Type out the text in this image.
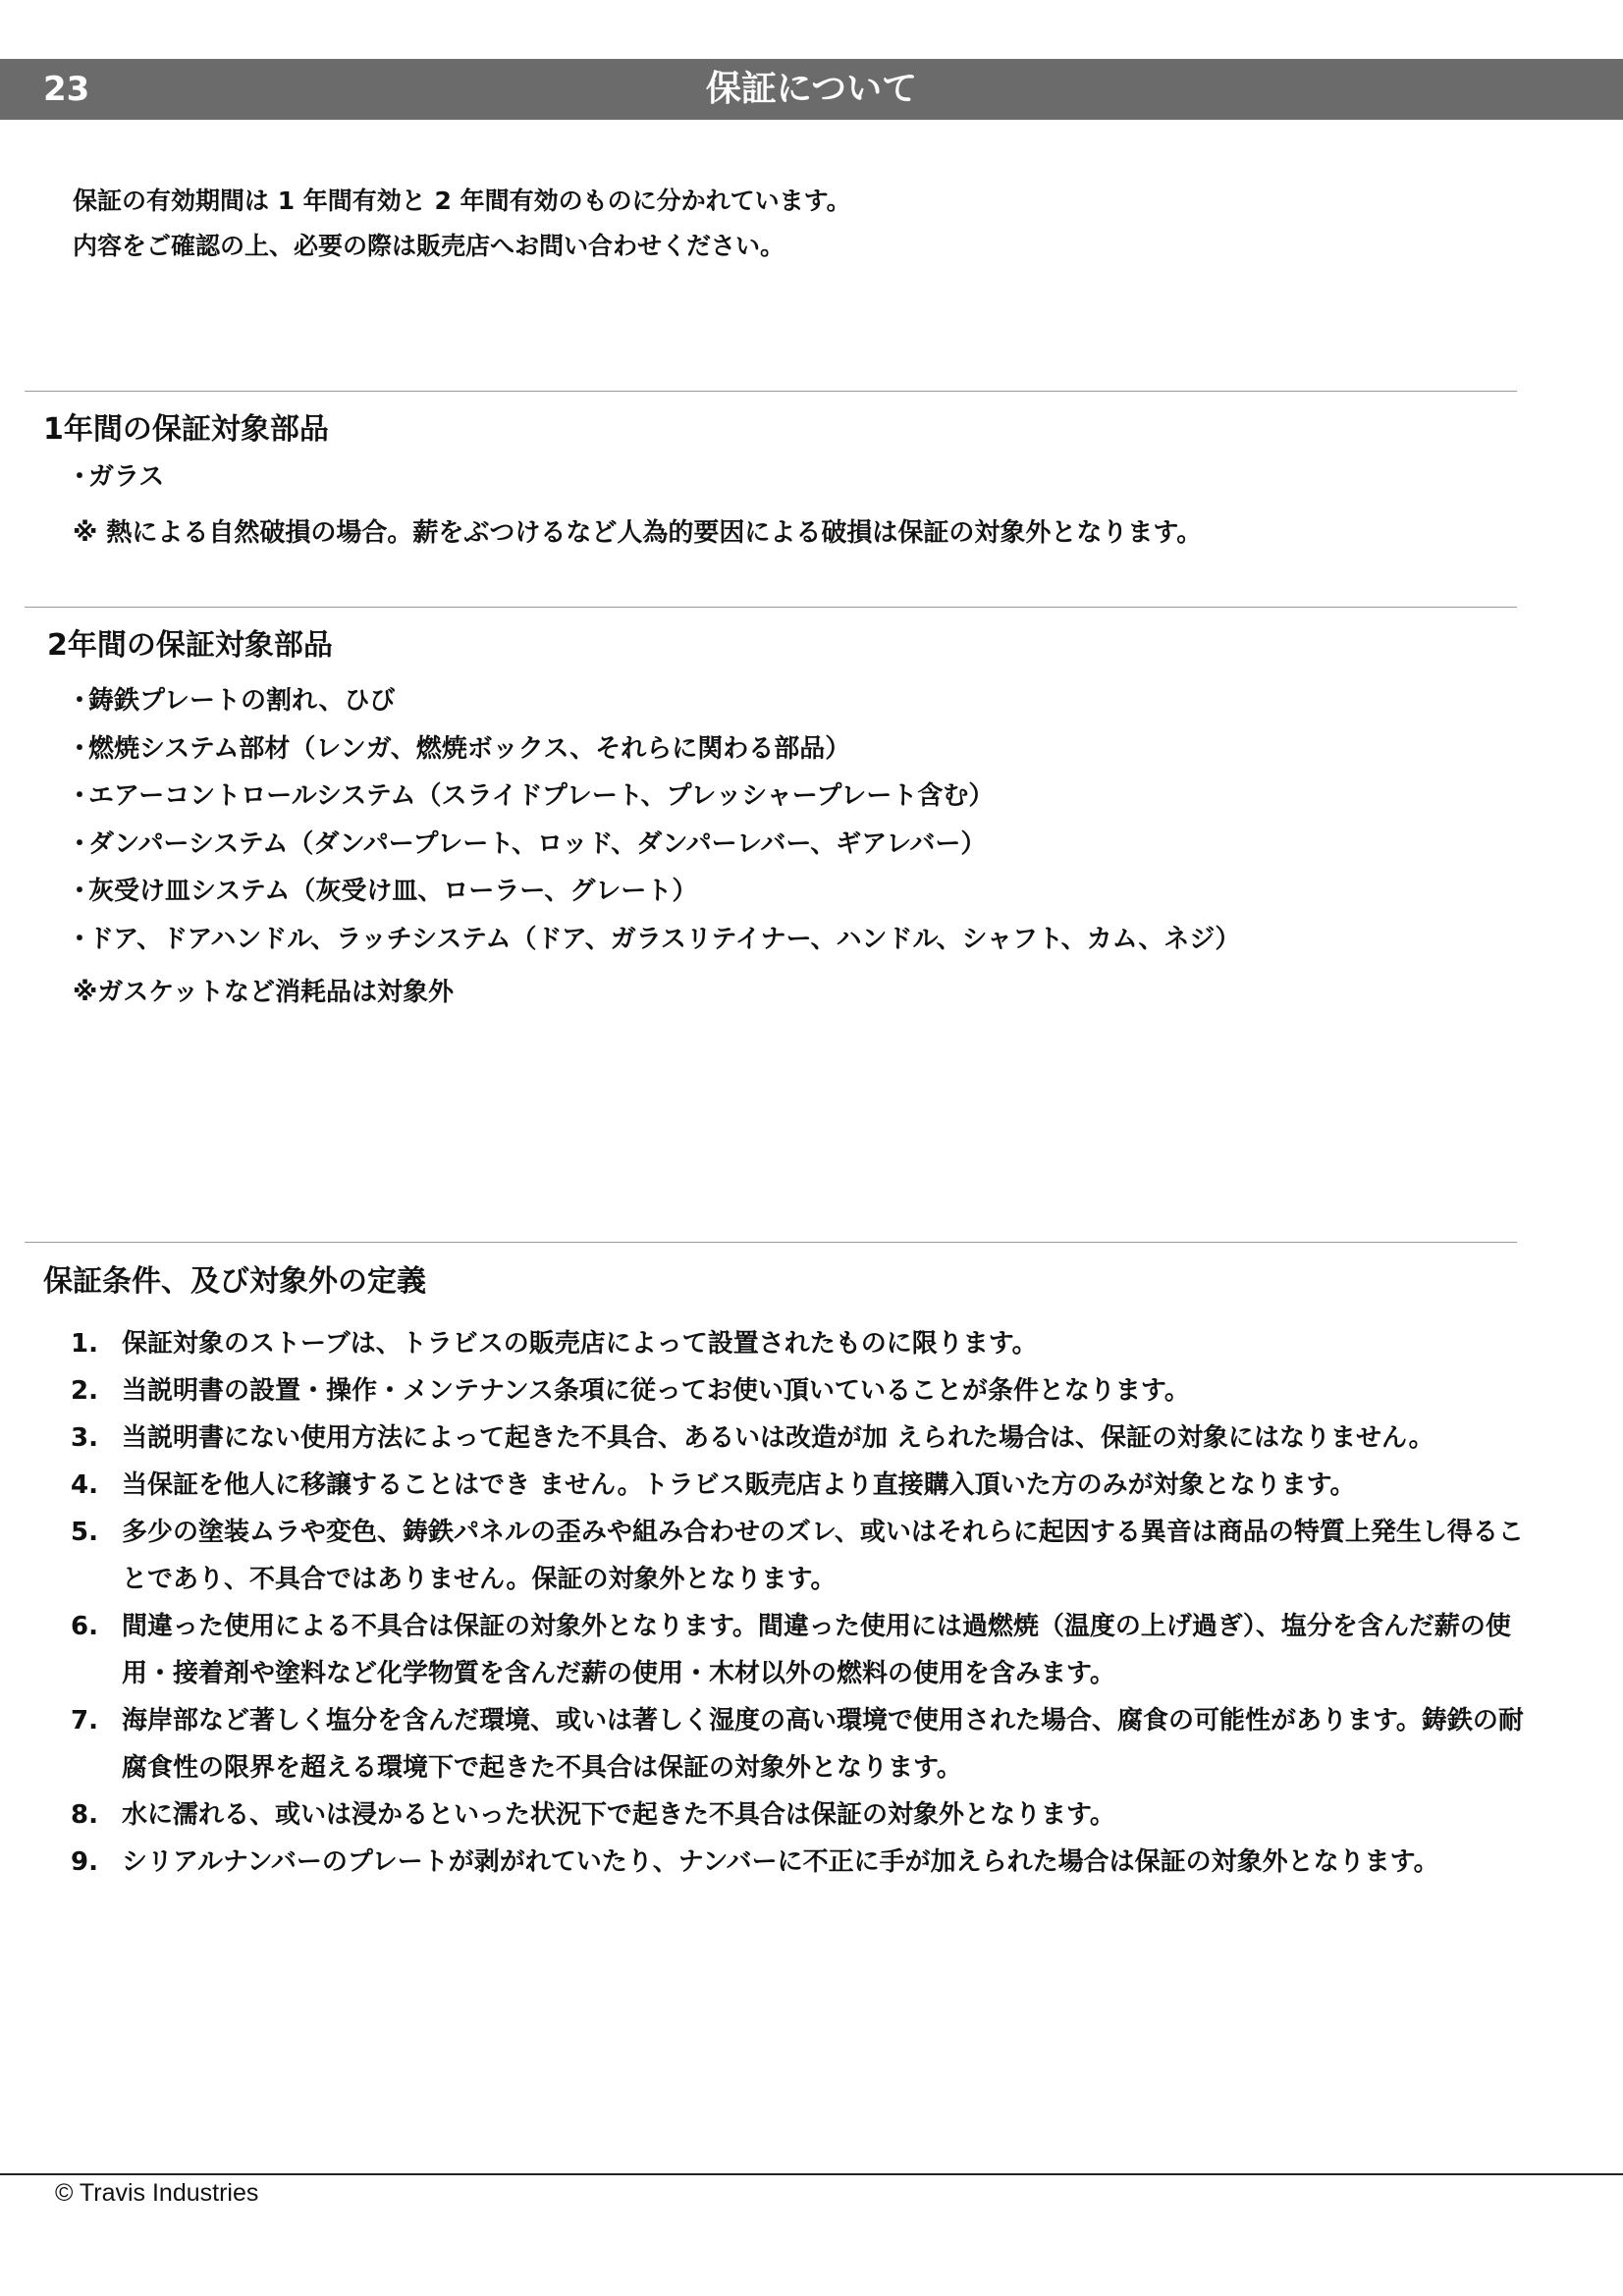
23	保証について

保証の有効期間は 1 年間有効と 2 年間有効のものに分かれています。

内容をご確認の上、必要の際は販売店へお問い合わせください。

1年間の保証対象部品
・ ガラス

※ 熱による自然破損の場合。薪をぶつけるなど人為的要因による破損は保証の対象外となります。

2年間の保証対象部品
・ 鋳鉄プレートの割れ、ひび
・ 燃焼システム部材（レンガ、燃焼ボックス、それらに関わる部品）
・ エアーコントロールシステム（スライドプレート、プレッシャープレート含む）
・ ダンパーシステム（ダンパープレート、ロッド、ダンパーレバー、ギアレバー）
・ 灰受け皿システム（灰受け皿、ローラー、グレート）
・ ドア、ドアハンドル、ラッチシステム（ドア、ガラスリテイナー、ハンドル、シャフト、カム、ネジ）

※ガスケットなど消耗品は対象外

保証条件、及び対象外の定義
1. 保証対象のストーブは、トラビスの販売店によって設置されたものに限ります。
2. 当説明書の設置・操作・メンテナンス条項に従ってお使い頂いていることが条件となります。
3. 当説明書にない使用方法によって起きた不具合、あるいは改造が加 えられた場合は、保証の対象にはなりません。
4. 当保証を他人に移譲することはでき ません。トラビス販売店より直接購入頂いた方のみが対象となります。
5. 多少の塗装ムラや変色、鋳鉄パネルの歪みや組み合わせのズレ、或いはそれらに起因する異音は商品の特質上発生し得ることであり、不具合ではありません。保証の対象外となります。
6. 間違った使用による不具合は保証の対象外となります。間違った使用には過燃焼（温度の上げ過ぎ）、塩分を含んだ薪の使用・接着剤や塗料など化学物質を含んだ薪の使用・木材以外の燃料の使用を含みます。
7. 海岸部など著しく塩分を含んだ環境、或いは著しく湿度の高い環境で使用された場合、腐食の可能性があります。鋳鉄の耐腐食性の限界を超える環境下で起きた不具合は保証の対象外となります。
8. 水に濡れる、或いは浸かるといった状況下で起きた不具合は保証の対象外となります。
9. シリアルナンバーのプレートが剥がれていたり、ナンバーに不正に手が加えられた場合は保証の対象外となります。
© Travis Industries
